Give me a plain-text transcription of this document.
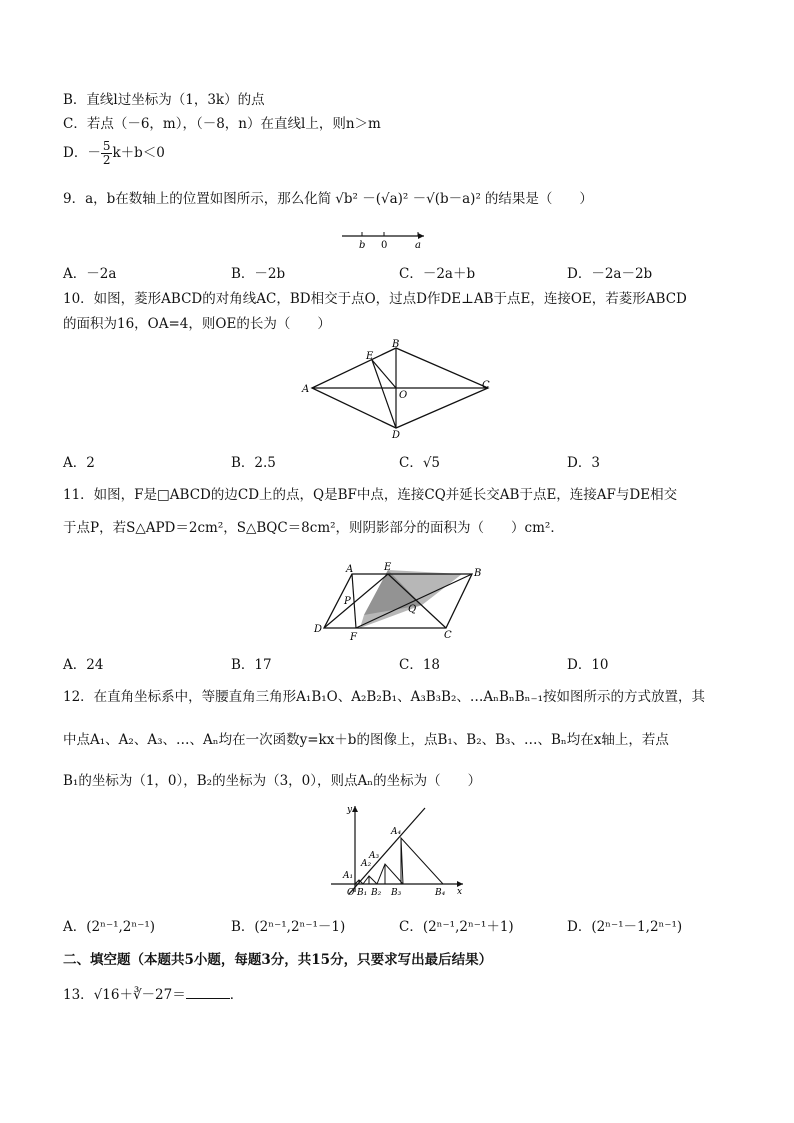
B．直线l过坐标为（1，3k）的点
C．若点（－6，m），（－8，n）在直线l上，则n＞m
D．－ $\frac{5}{2} k+b<0$
9．a，b在数轴上的位置如图所示，那么化简 √b² －(√a)² －√(b－a)² 的结果是（　　）
b 0	a
A．－2a	B．－2b	C．－2a＋b	D．－2a－2b
10．如图，菱形ABCD的对角线AC，BD相交于点O，过点D作DE⊥AB于点E，连接OE，若菱形ABCD
的面积为16，OA=4，则OE的长为（　　）
A
B
C
D
E
O
A．2	B．2.5	C．√5	D．3
11．如图，F是□ABCD的边CD上的点，Q是BF中点，连接CQ并延长交AB于点E，连接AF与DE相交
于点P，若S△APD＝2cm²，S△BQC＝8cm²，则阴影部分的面积为（　　）cm²．
A	E
B
P
Q
D
F	C
A．24	B．17	C．18	D．10
12．在直角坐标系中，等腰直角三角形A₁B₁O、A₂B₂B₁、A₃B₃B₂、…AₙBₙBₙ₋₁按如图所示的方式放置，其
中点A₁、A₂、A₃、…、Aₙ均在一次函数y=kx＋b的图像上，点B₁、B₂、B₃、…、Bₙ均在x轴上，若点
B₁的坐标为（1，0），B₂的坐标为（3，0），则点Aₙ的坐标为（　　）
y
A₄
A₃
A₂
A₁
O B₁ B₂ B₃	B₄ x
A．(2ⁿ⁻¹,2ⁿ⁻¹)	B．(2ⁿ⁻¹,2ⁿ⁻¹－1)	C．(2ⁿ⁻¹,2ⁿ⁻¹＋1)	D．(2ⁿ⁻¹－1,2ⁿ⁻¹)
二、填空题（本题共5小题，每题3分，共15分，只要求写出最后结果）
13．√16＋∛－27＝	．
